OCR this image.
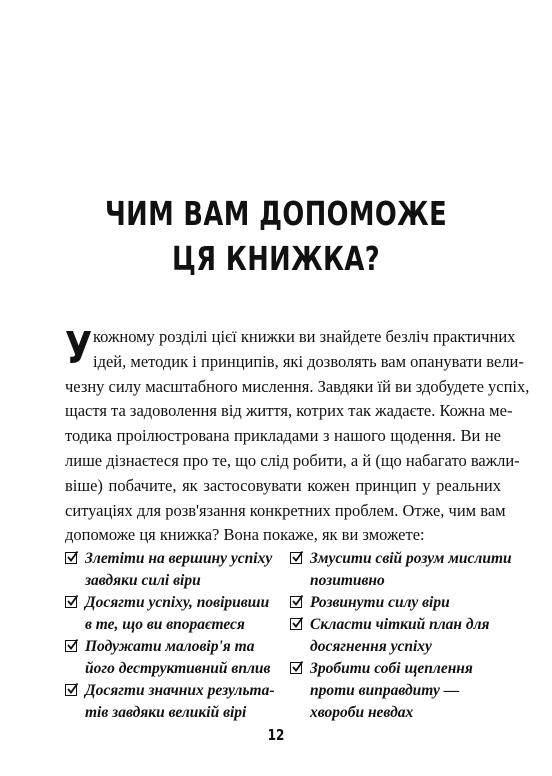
ЧИМ ВАМ ДОПОМОЖЕ
ЦЯ КНИЖКА?
У кожному розділі цієї книжки ви знайдете безліч практичних
ідей, методик і принципів, які дозволять вам опанувати вели-
чезну силу масштабного мислення. Завдяки їй ви здобудете успіх,
щастя та задоволення від життя, котрих так жадаєте. Кожна ме-
тодика проілюстрована прикладами з нашого щодення. Ви не
лише дізнаєтеся про те, що слід робити, а й (що набагато важли-
віше) побачите, як застосовувати кожен принцип у реальних
ситуаціях для розв'язання конкретних проблем. Отже, чим вам
допоможе ця книжка? Вона покаже, як ви зможете:
Злетіти на вершину успіху
завдяки силі віри
Досягти успіху, повіривши
в те, що ви впораєтеся
Подужати маловір'я та
його деструктивний вплив
Досягти значних результа-
тів завдяки великій вірі
Змусити свій розум мислити
позитивно
Розвинути силу віри
Скласти чіткий план для
досягнення успіху
Зробити собі щеплення
проти виправдиту —
хвороби невдах
12
